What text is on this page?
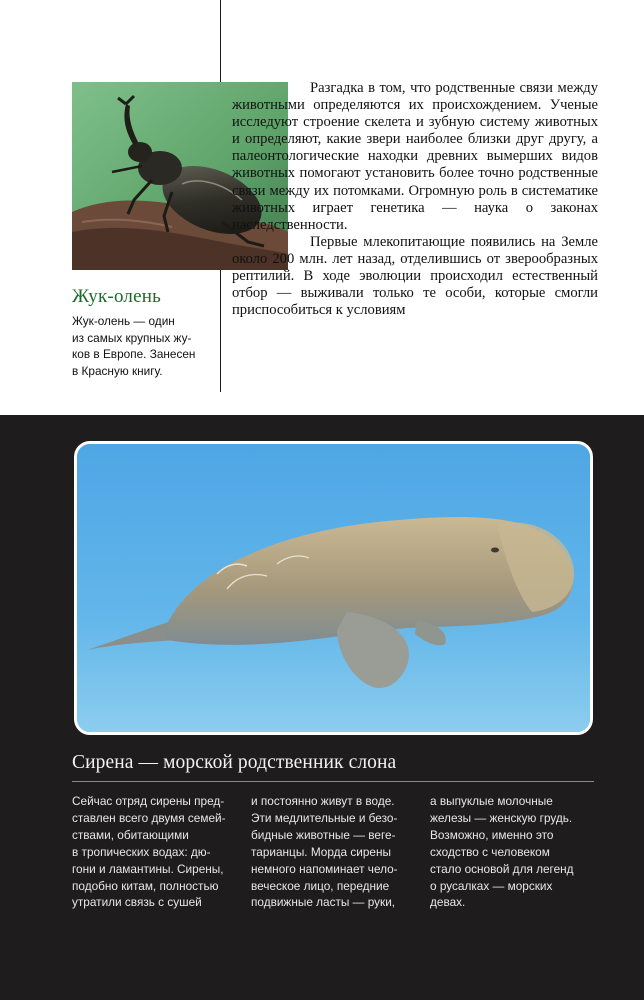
Жук-олень
Жук-олень — один
из самых крупных жу-
ков в Европе. Занесен
в Красную книгу.

Разгадка в том, что родственные связи между животными определяются их происхождением. Ученые исследуют строение скелета и зубную систему животных и определяют, какие звери наиболее близки друг другу, а палеонтологические находки древних вымерших видов животных помогают установить более точно родственные связи между их потомками. Огромную роль в систематике животных играет генетика — наука о законах наследственности.

Первые млекопитающие появились на Земле около 200 млн. лет назад, отделившись от зверообразных рептилий. В ходе эволюции происходил естественный отбор — выживали только те особи, которые смогли приспособиться к условиям

Сирена — морской родственник слона
Сейчас отряд сирены пред-
ставлен всего двумя семей-
ствами, обитающими
в тропических водах: дю-
гони и ламантины. Сирены,
подобно китам, полностью
утратили связь с сушей
и постоянно живут в воде.
Эти медлительные и безо-
бидные животные — веге-
тарианцы. Морда сирены
немного напоминает чело-
веческое лицо, передние
подвижные ласты — руки,
а выпуклые молочные
железы — женскую грудь.
Возможно, именно это
сходство с человеком
стало основой для легенд
о русалках — морских
девах.
